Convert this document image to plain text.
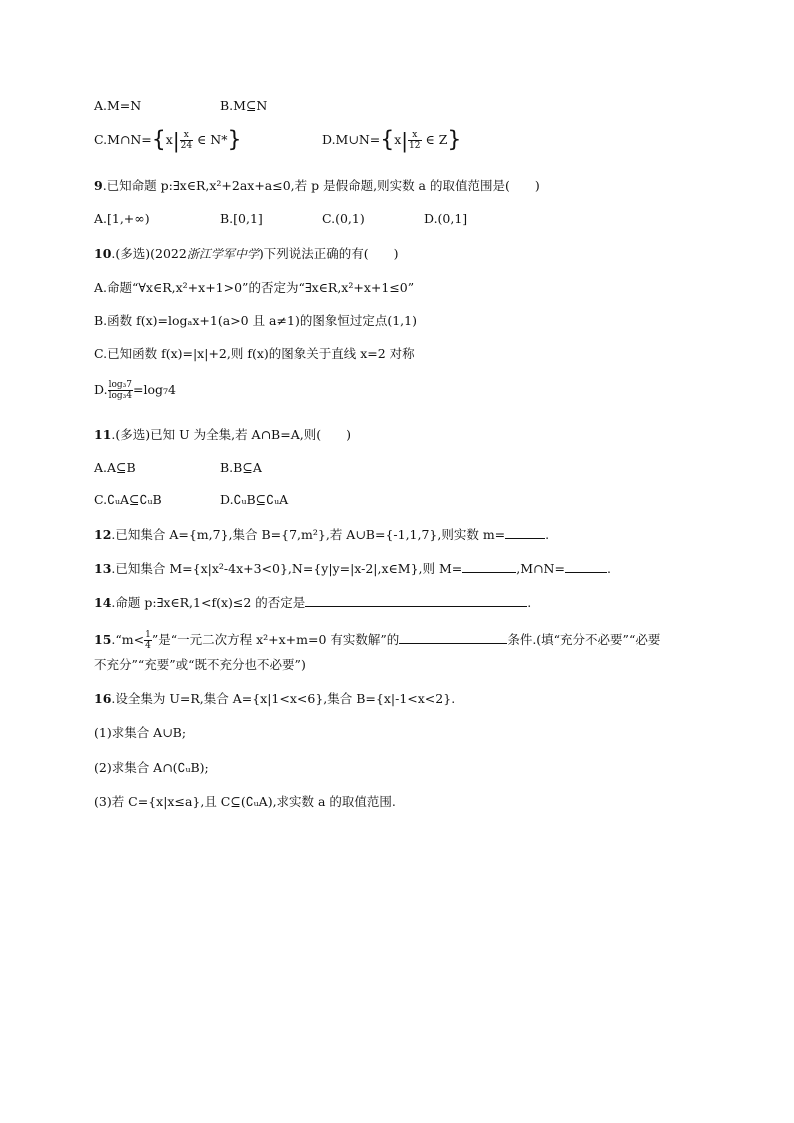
A.M=N	B.M⊆N
C.M∩N={x| $\frac{x}{24}$ ∈ N*}	D.M∪N={x| $\frac{x}{12}$ ∈ Z}
9.已知命题 p:∃x∈R,x²+2ax+a≤0,若 p 是假命题,则实数 a 的取值范围是(　　)
A.[1,+∞)	B.[0,1]	C.(0,1)	D.(0,1]
10.(多选)(2022浙江学军中学)下列说法正确的有(　　)
A.命题“∀x∈R,x²+x+1>0”的否定为“∃x∈R,x²+x+1≤0”
B.函数 f(x)=logₐx+1(a>0 且 a≠1)的图象恒过定点(1,1)
C.已知函数 f(x)=|x|+2,则 f(x)的图象关于直线 x=2 对称
D. $\frac{\text{log₃7}}{\text{log₃4}} =\log_74$
11.(多选)已知 U 为全集,若 A∩B=A,则(　　)
A.A⊆B	B.B⊆A
C.∁ᵤA⊆∁ᵤB	D.∁ᵤB⊆∁ᵤA
12.已知集合 A={m,7},集合 B={7,m²},若 A∪B={-1,1,7},则实数 m=	.
13.已知集合 M={x|x²-4x+3<0},N={y|y=|x-2|,x∈M},则 M=	,M∩N=	.
14.命题 p:∃x∈R,1<f(x)≤2 的否定是	.
15.“m< $\frac{1}{4}$ ”是“一元二次方程 x²+x+m=0 有实数解”的	条件.(填“充分不必要”“必要
不充分”“充要”或“既不充分也不必要”)
16.设全集为 U=R,集合 A={x|1<x<6},集合 B={x|-1<x<2}.
(1)求集合 A∪B;
(2)求集合 A∩(∁ᵤB);
(3)若 C={x|x≤a},且 C⊆(∁ᵤA),求实数 a 的取值范围.
